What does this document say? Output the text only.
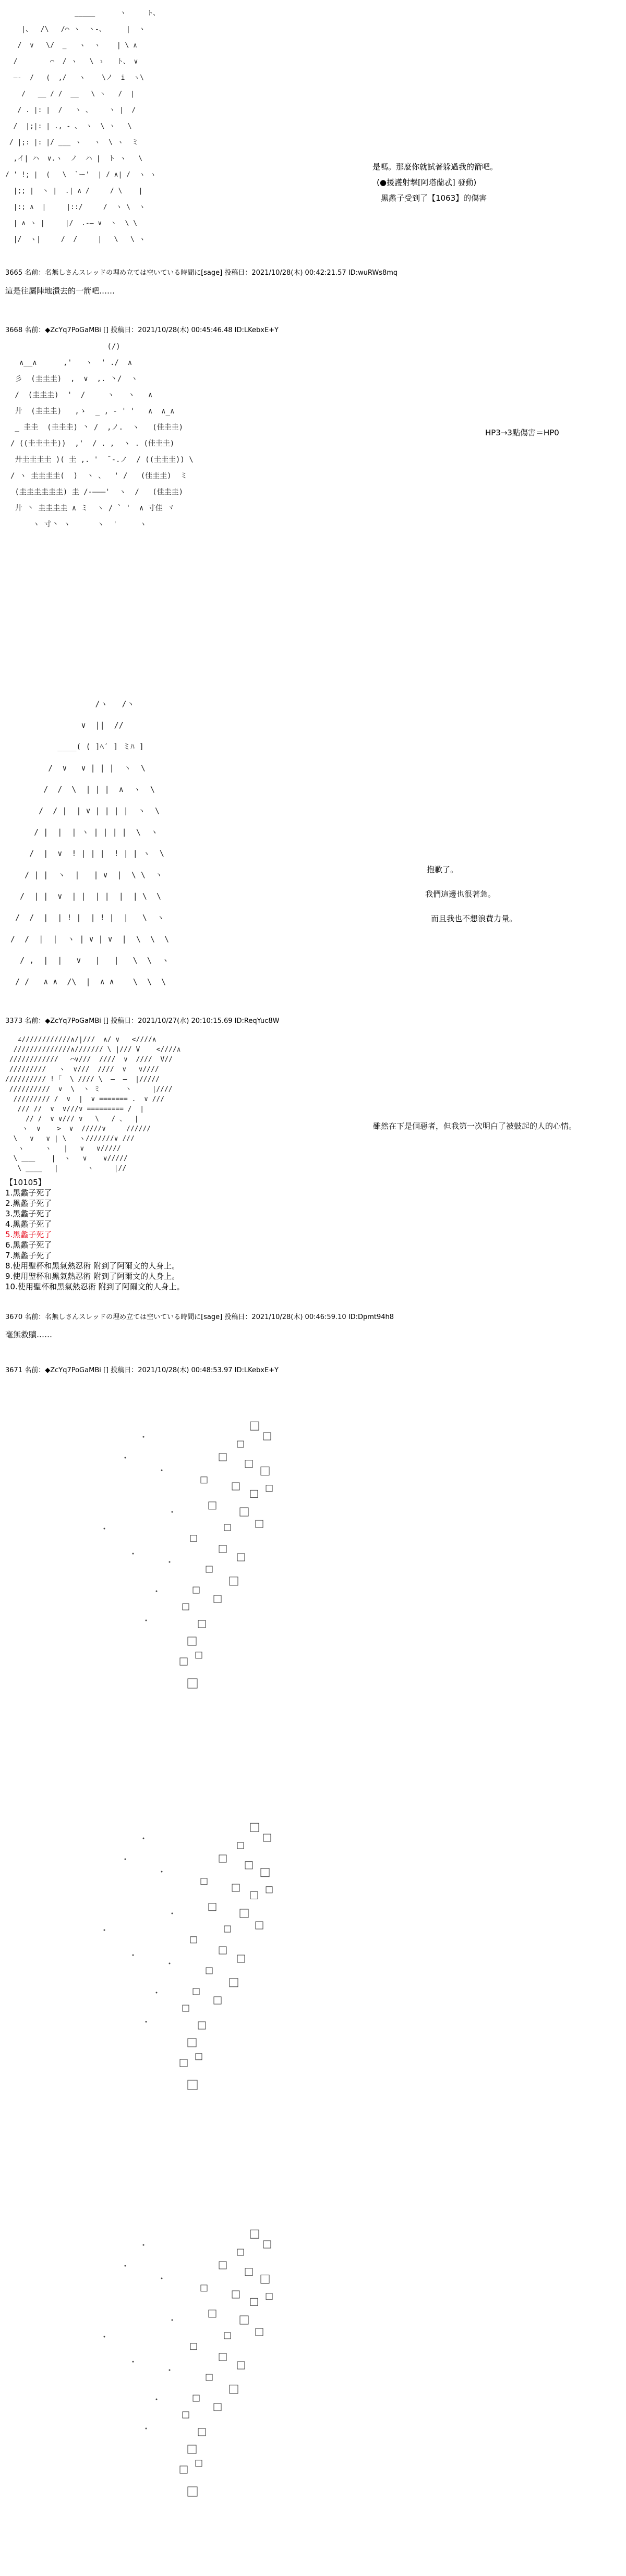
_____      ヽ     ト、
|、  /\   /⌒ ヽ  ヽ-、     |  ヽ
/  ∨   \/  _   ヽ  ヽ    | \ ∧
/        ⌒  / ヽ   \ ゝ   ト、 ∨
―-  /   (  ,/   ヽ    \ノ  i  ヽ\
/   __ / /  __   \ ヽ   /  |
/ . |: |  /   ヽ 、    ヽ |  /
/  |;|: | ., - 、 ヽ  \ ヽ   \
/ |;: |: |/ ___ ヽ   ヽ  \ ヽ  ミ
,イ| ハ  ∨.ヽ  ノ  ハ |  ト ヽ   \
/ ' !; |  (   \  `ー'  | / ∧| /  ヽ ヽ
|;; |  ヽ |  .| ∧ /     / \    |
|:; ∧  |     |::/     /  ヽ \  ヽ
| ∧ ヽ |     |/  .-― ∨  ヽ  \ \
|/  ヽ|     /  /     |   \   \ ヽ
是嗎。那麼你就試著躲過我的箭吧。
(●援護射撃[阿塔蘭忒] 發動)
黑蠡子受到了【1063】的傷害
3665 名前：名無しさんスレッドの埋め立ては空いている時間に[sage] 投稿日：2021/10/28(木) 00:42:21.57 ID:wuRWs8mq
這是往屬陣地潰去的一箭吧……
3668 名前：◆ZcYq7PoGaMBi [] 投稿日：2021/10/28(木) 00:45:46.48 ID:LKebxE+Y
(/)
∧__∧      ,'   ヽ  ' ./  ∧
彡  (圭圭圭)  ,  ∨  ,. 丶/  ヽ
/  (圭圭圭)  '  /     ヽ   ヽ   ∧
廾  (圭圭圭)   ,ゝ  _ , - ' '   ∧  ∧_∧
_ 圭圭  (圭圭圭) 丶 /  ,ノ.  ヽ   (佳圭圭)
/ ((圭圭圭圭))  ,'  / . ,  ヽ . (佳圭圭)
廾圭圭圭圭 )( 圭 ,. '  ̄ -.ノ  / ((圭圭圭)) \
/ ヽ 圭圭圭圭(  )  ヽ 、  ' /   (佳圭圭)  ミ
(圭圭圭圭圭圭) 圭 /-―――'  ヽ  /   (佳圭圭)
廾 丶 圭圭圭圭 ∧ ミ  ヽ / ` '  ∧ 寸佳 ヾ
ヽ 寸丶 ヽ      ヽ  '     ヽ
HP3→3點傷害＝HP0
/ヽ   /ヽ
∨  ||  //
____( ( ]ﾍ′ ] ミﾊ ]
/  ∨   ∨ | | |  ヽ  \
/  /  \  | | |  ∧  ヽ  \
/  / |  | ∨ | | | |  ヽ  \
/ |  |  | ヽ | | | |  \  ヽ
/  |  ∨  ! | | |  ! | | ヽ  \
/ | |  ヽ  |   | ∨  |  \ \  ヽ
/  | |  ∨  | |  | |  |  | \  \
/  /  |  | ! |  | ! |  |   \  ヽ
/  /  |  |  ヽ | ∨ | ∨  |  \  \  \
/ ,  |  |   ∨   |   |   \  \  ヽ
/ /   ∧ ∧  /\  |  ∧ ∧    \  \  \
抱歉了。
我們這邊也很著急。
而且我也不想浪費力量。
3373 名前：◆ZcYq7PoGaMBi [] 投稿日：2021/10/27(水) 20:10:15.69 ID:ReqYuc8W
∠////////////∧/|///  ∧/ ∨   <////∧
//////////////∧/////// \ |/// V    <////∧
////////////   ⌒∨///  ////  ∨  ////  V//
/////////   ヽ  ∨///  ////  ∨   ∨////
////////// ! ｢  \ //// \  ―  ―  |/////
//////////  ∨  \  ヽ ミ      ヽ     |////
///////// /  ∨  |  ∨ ======= .  ∨ ///
/// //  ∨  ∨///∨ ========= /  |
// /  ∨ ∨/// ∨   \   / 、  |
ヽ  ∨    >  ∨  /////∨     //////
\   ∨   ∨ | \   ヽ///////∨ ///
ヽ     ヽ   |   ∨   ∨/////
\ ＿＿    |  ヽ   ∨    ∨/////
\ ____   |       ヽ     |//
雖然在下是個惡者，但我第一次明白了被鼓起的人的心情。
【10105】
1.黑蠡子死了
2.黑蠡子死了
3.黑蠡子死了
4.黑蠡子死了
5.黑蠡子死了
6.黑蠡子死了
7.黑蠡子死了
8.使用聖杯和黑氣熱忍術 附到了阿爾文的人身上。
9.使用聖杯和黑氣熱忍術 附到了阿爾文的人身上。
10.使用聖杯和黑氣熱忍術 附到了阿爾文的人身上。
3670 名前：名無しさんスレッドの埋め立ては空いている時間に[sage] 投稿日：2021/10/28(木) 00:46:59.10 ID:Dpmt94h8
毫無救贖……
3671 名前：◆ZcYq7PoGaMBi [] 投稿日：2021/10/28(木) 00:48:53.97 ID:LKebxE+Y
